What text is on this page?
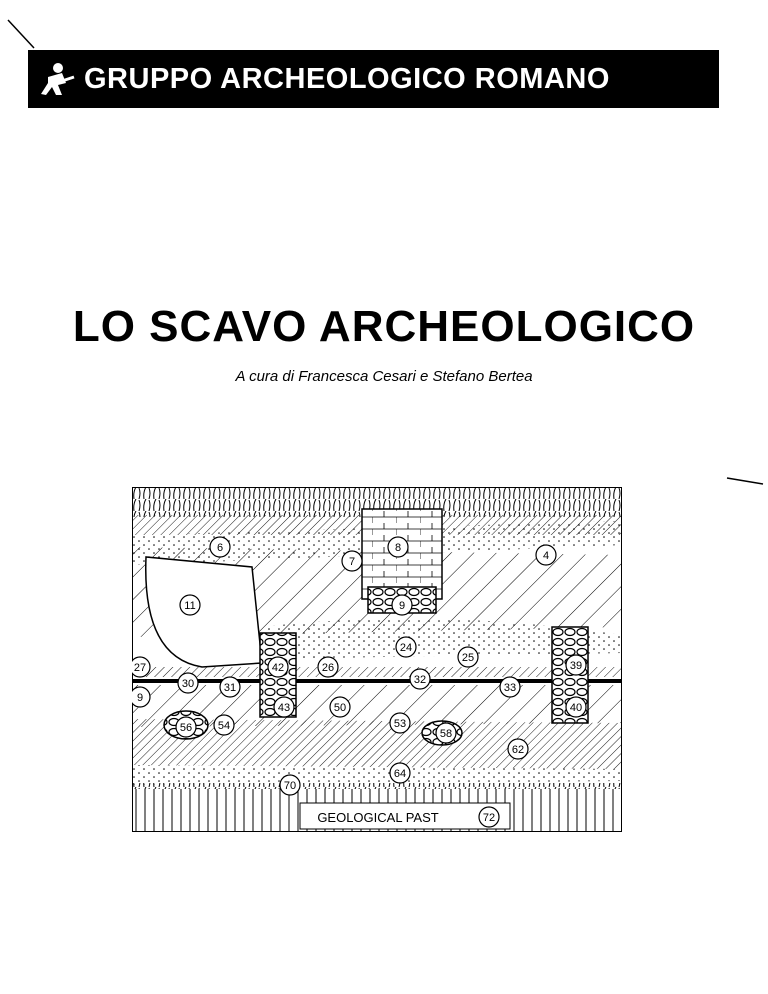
GRUPPO ARCHEOLOGICO ROMANO
LO SCAVO ARCHEOLOGICO
A cura di Francesca Cesari e Stefano Bertea
6	8
7	4
11	9
24
25
27	42	26	39
30	31
32
33
9
43	50	40
56 54	53
58
62
64
70
GEOLOGICAL PAST	72
